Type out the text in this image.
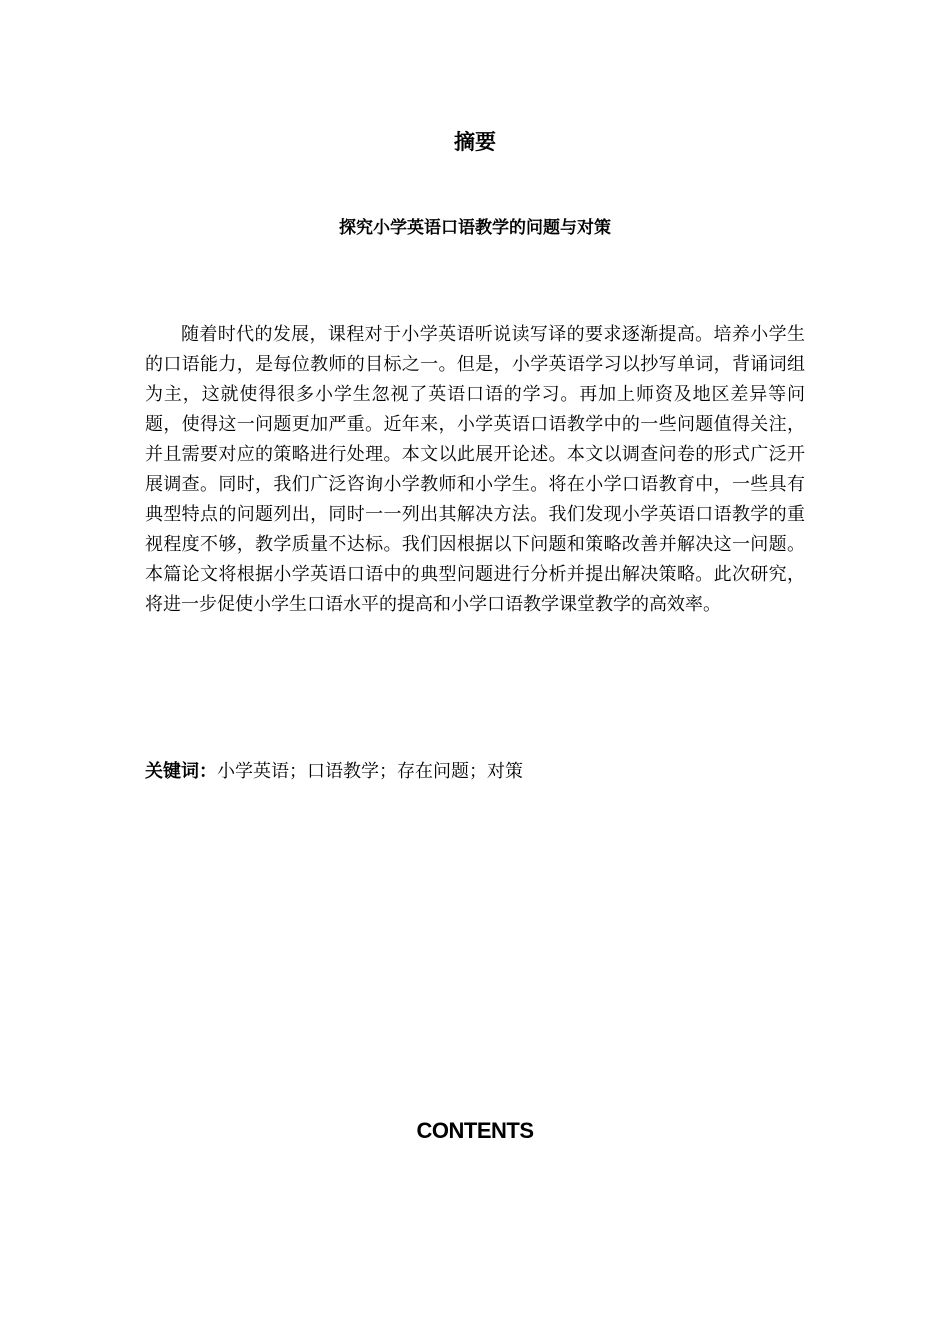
摘要
探究小学英语口语教学的问题与对策

随着时代的发展，课程对于小学英语听说读写译的要求逐渐提高。培养小学生的口语能力，是每位教师的目标之一。但是，小学英语学习以抄写单词，背诵词组为主，这就使得很多小学生忽视了英语口语的学习。再加上师资及地区差异等问题，使得这一问题更加严重。近年来，小学英语口语教学中的一些问题值得关注，并且需要对应的策略进行处理。本文以此展开论述。本文以调查问卷的形式广泛开展调查。同时，我们广泛咨询小学教师和小学生。将在小学口语教育中，一些具有典型特点的问题列出，同时一一列出其解决方法。我们发现小学英语口语教学的重视程度不够，教学质量不达标。我们因根据以下问题和策略改善并解决这一问题。本篇论文将根据小学英语口语中的典型问题进行分析并提出解决策略。此次研究，将进一步促使小学生口语水平的提高和小学口语教学课堂教学的高效率。

关键词：小学英语；口语教学；存在问题；对策

CONTENTS
